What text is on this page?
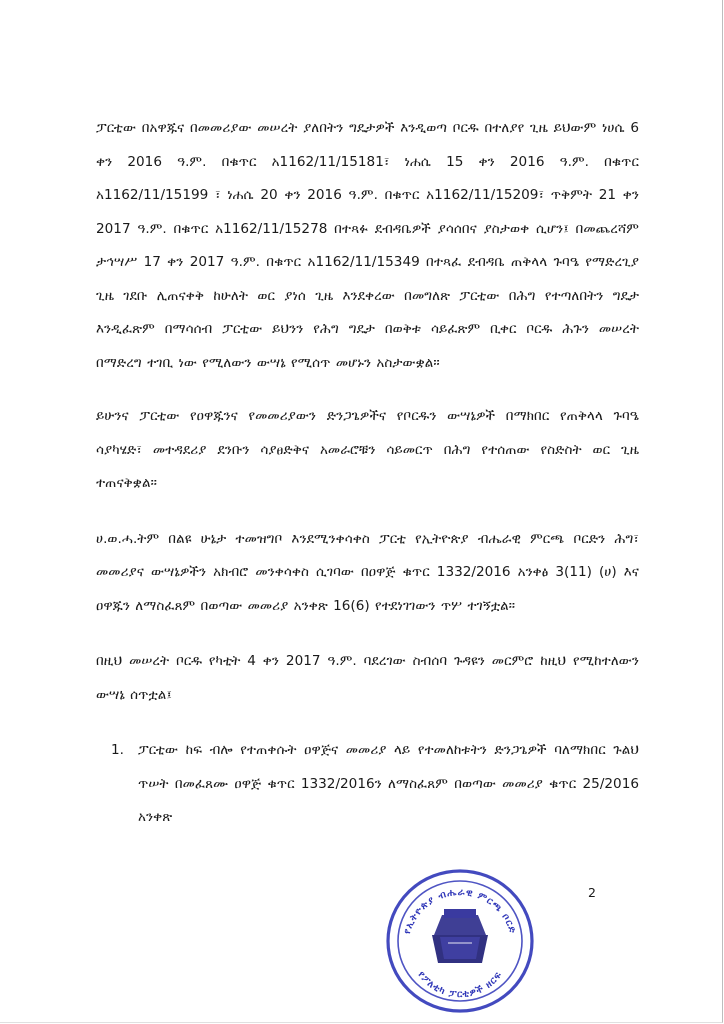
ፓርቲው በአዋጁና በመመሪያው መሠረት ያለበትን ግዴታዎች እንዲወጣ ቦርዱ በተለያየ ጊዜ ይህውም ነሀሴ 6 ቀን 2016 ዓ.ም. በቁጥር አ1162/11/15181፣ ነሐሴ 15 ቀን 2016 ዓ.ም. በቁጥር አ1162/11/15199 ፣ ነሐሴ 20 ቀን 2016 ዓ.ም. በቁጥር አ1162/11/15209፣ ጥቅምት 21 ቀን 2017 ዓ.ም. በቁጥር አ1162/11/15278 በተጻፉ ደብዳቤዎች ያሳሰበና ያስታወቀ ሲሆን፤ በመጨረሻም ታኅሣሥ 17 ቀን 2017 ዓ.ም. በቁጥር አ1162/11/15349 በተጻፈ ደብዳቤ ጠቅላላ ጉባዔ የማድረጊያ ጊዜ ገደቡ ሊጠናቀቅ ከሁለት ወር ያነሰ ጊዜ እንደቀረው በመግለጽ ፓርቲው በሕግ የተጣለበትን ግዴታ እንዲፈጽም በማሳሰብ ፓርቲው ይህንን የሕግ ግዴታ በወቅቱ ሳይፈጽም ቢቀር ቦርዱ ሕጉን መሠረት በማድረግ ተገቢ ነው የሚለውን ውሣኔ የሚሰጥ መሆኑን አስታውቋል።

ይሁንና ፓርቲው የዐዋጁንና የመመሪያውን ድንጋጌዎችና የቦርዱን ውሣኔዎች በማክበር የጠቅላላ ጉባዔ ሳያካሄድ፣ መተዳደሪያ ደንቡን ሳያፀድቅና አመራሮቹን ሳይመርጥ በሕግ የተሰጠው የስድስት ወር ጊዜ ተጠናቅቋል።

ሀ.ወ.ሓ.ትም በልዩ ሁኔታ ተመዝግቦ እንደሚንቀሳቀስ ፓርቲ የኢትዮጵያ ብሔራዊ ምርጫ ቦርድን ሕግ፣ መመሪያና ውሣኔዎችን አክብሮ መንቀሳቀስ ሲገባው በዐዋጅ ቁጥር 1332/2016 አንቀፅ 3(11) (ሀ) እና ዐዋጁን ለማስፈጸም በወጣው መመሪያ አንቀጽ 16(6) የተደነገገውን ጥሦ ተገኝቷል።

በዚህ መሠረት ቦርዱ የካቲት 4 ቀን 2017 ዓ.ም. ባደረገው ስብሰባ ጉዳዩን መርምሮ ከዚህ የሚከተለውን ውሣኔ ሰጥቷል፤

1. ፓርቲው ከፍ ብሎ የተጠቀሱት ዐዋጅና መመሪያ ላይ የተመለከቱትን ድንጋጌዎች ባለማክበር ጉልህ ጥሠት በመፈጸሙ ዐዋጅ ቁጥር 1332/2016ን ለማስፈጸም በወጣው መመሪያ ቁጥር 25/2016 አንቀጽ
2
የኢትዮጵያ ብሔራዊ ምርጫ ቦርድ
የፖለቲካ ፓርቲዎች ዘርፍ
